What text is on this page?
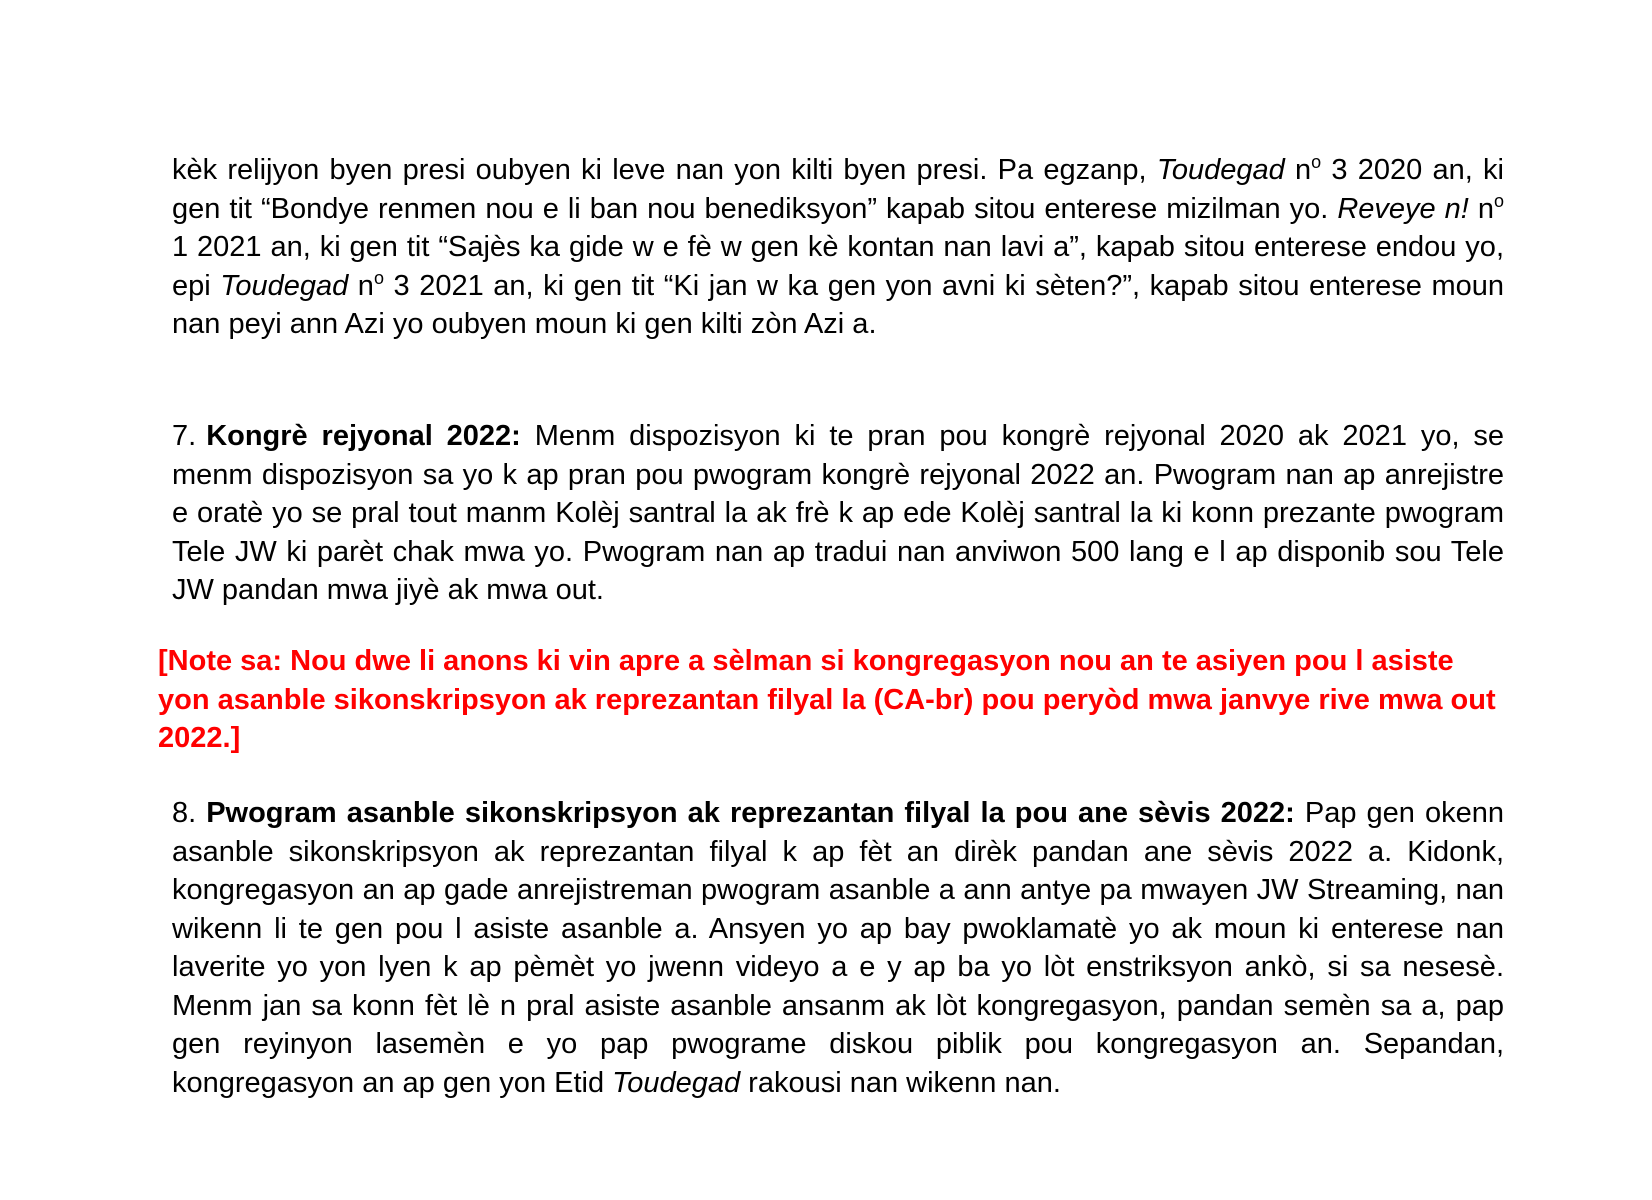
kèk relijyon byen presi oubyen ki leve nan yon kilti byen presi. Pa egzanp, Toudegad $n^o$ 3 2020 an, ki gen tit “Bondye renmen nou e li ban nou benediksyon” kapab sitou enterese mizilman yo. Reveye n! $n^o$ 1 2021 an, ki gen tit “Sajès ka gide w e fè w gen kè kontan nan lavi a”, kapab sitou enterese endou yo, epi Toudegad $n^o$ 3 2021 an, ki gen tit “Ki jan w ka gen yon avni ki sèten?”, kapab sitou enterese moun nan peyi ann Azi yo oubyen moun ki gen kilti zòn Azi a.

7. Kongrè rejyonal 2022: Menm dispozisyon ki te pran pou kongrè rejyonal 2020 ak 2021 yo, se menm dispozisyon sa yo k ap pran pou pwogram kongrè rejyonal 2022 an. Pwogram nan ap anrejistre e oratè yo se pral tout manm Kolèj santral la ak frè k ap ede Kolèj santral la ki konn prezante pwogram Tele JW ki parèt chak mwa yo. Pwogram nan ap tradui nan anviwon 500 lang e l ap disponib sou Tele JW pandan mwa jiyè ak mwa out.

[Note sa: Nou dwe li anons ki vin apre a sèlman si kongregasyon nou an te asiyen pou l asiste yon asanble sikonskripsyon ak reprezantan filyal la (CA-br) pou peryòd mwa janvye rive mwa out 2022.]

8. Pwogram asanble sikonskripsyon ak reprezantan filyal la pou ane sèvis 2022: Pap gen okenn asanble sikonskripsyon ak reprezantan filyal k ap fèt an dirèk pandan ane sèvis 2022 a. Kidonk, kongregasyon an ap gade anrejistreman pwogram asanble a ann antye pa mwayen JW Streaming, nan wikenn li te gen pou l asiste asanble a. Ansyen yo ap bay pwoklamatè yo ak moun ki enterese nan laverite yo yon lyen k ap pèmèt yo jwenn videyo a e y ap ba yo lòt enstriksyon ankò, si sa nesesè. Menm jan sa konn fèt lè n pral asiste asanble ansanm ak lòt kongregasyon, pandan semèn sa a, pap gen reyinyon lasemèn e yo pap pwograme diskou piblik pou kongregasyon an. Sepandan, kongregasyon an ap gen yon Etid Toudegad rakousi nan wikenn nan.
